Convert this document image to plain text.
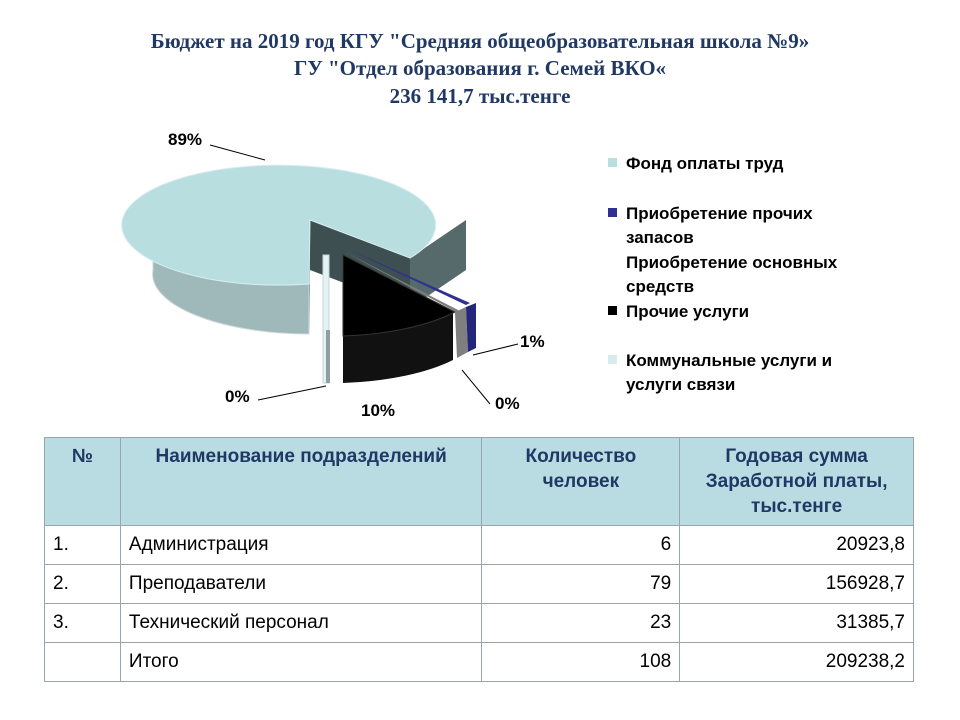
Бюджет на 2019 год КГУ "Средняя общеобразовательная школа №9»
ГУ "Отдел образования г. Семей ВКО«
236 141,7 тыс.тенге
89%
1%
0%
10%
0%
Фонд оплаты труд
Приобретение прочих
запасов
Приобретение основных
средств
Прочие услуги
Коммунальные услуги и
услуги связи
№	Наименование подразделений	Количество человек	Годовая сумма Заработной платы, тыс.тенге
1.	Администрация	6	20923,8
2.	Преподаватели	79	156928,7
3.	Технический персонал	23	31385,7
	Итого	108	209238,2
